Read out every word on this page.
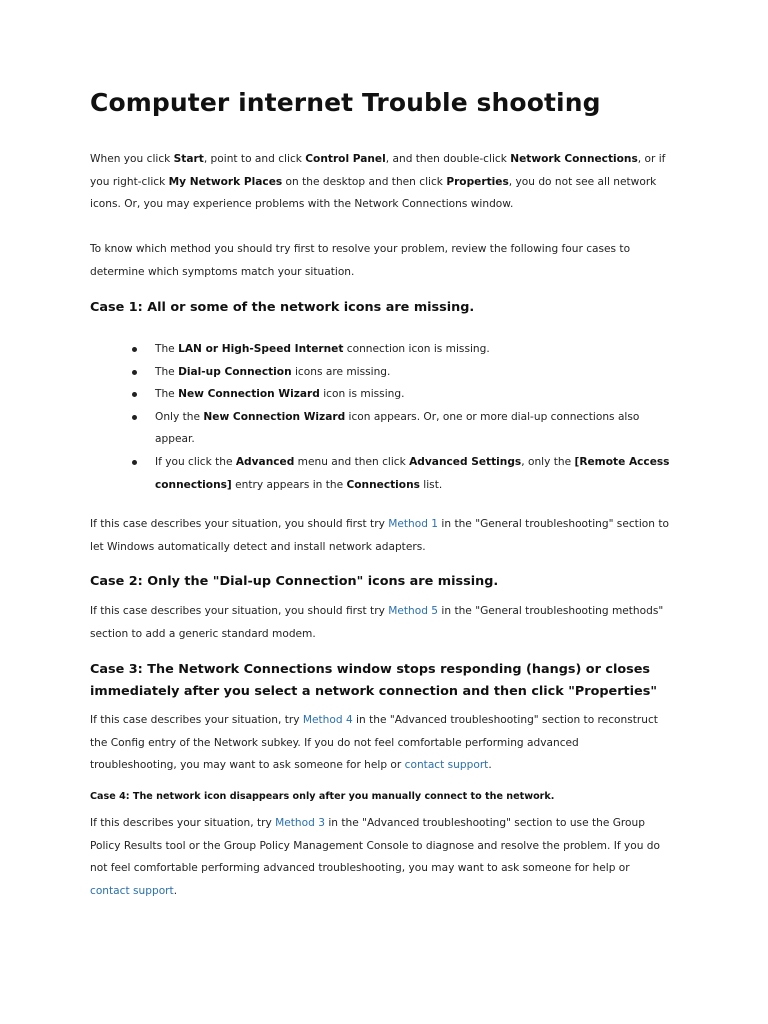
Computer internet Trouble shooting

When you click Start, point to and click Control Panel, and then double-click Network Connections, or if
you right-click My Network Places on the desktop and then click Properties, you do not see all network
icons. Or, you may experience problems with the Network Connections window.

To know which method you should try first to resolve your problem, review the following four cases to
determine which symptoms match your situation.

Case 1: All or some of the network icons are missing.
The LAN or High-Speed Internet connection icon is missing.
The Dial-up Connection icons are missing.
The New Connection Wizard icon is missing.
Only the New Connection Wizard icon appears. Or, one or more dial-up connections also
appear.
If you click the Advanced menu and then click Advanced Settings, only the [Remote Access
connections] entry appears in the Connections list.

If this case describes your situation, you should first try Method 1 in the "General troubleshooting" section to
let Windows automatically detect and install network adapters.

Case 2: Only the "Dial-up Connection" icons are missing.

If this case describes your situation, you should first try Method 5 in the "General troubleshooting methods"
section to add a generic standard modem.

Case 3: The Network Connections window stops responding (hangs) or closes
immediately after you select a network connection and then click "Properties"

If this case describes your situation, try Method 4 in the "Advanced troubleshooting" section to reconstruct
the Config entry of the Network subkey. If you do not feel comfortable performing advanced
troubleshooting, you may want to ask someone for help or contact support.

Case 4: The network icon disappears only after you manually connect to the network.

If this describes your situation, try Method 3 in the "Advanced troubleshooting" section to use the Group
Policy Results tool or the Group Policy Management Console to diagnose and resolve the problem. If you do
not feel comfortable performing advanced troubleshooting, you may want to ask someone for help or
contact support.
